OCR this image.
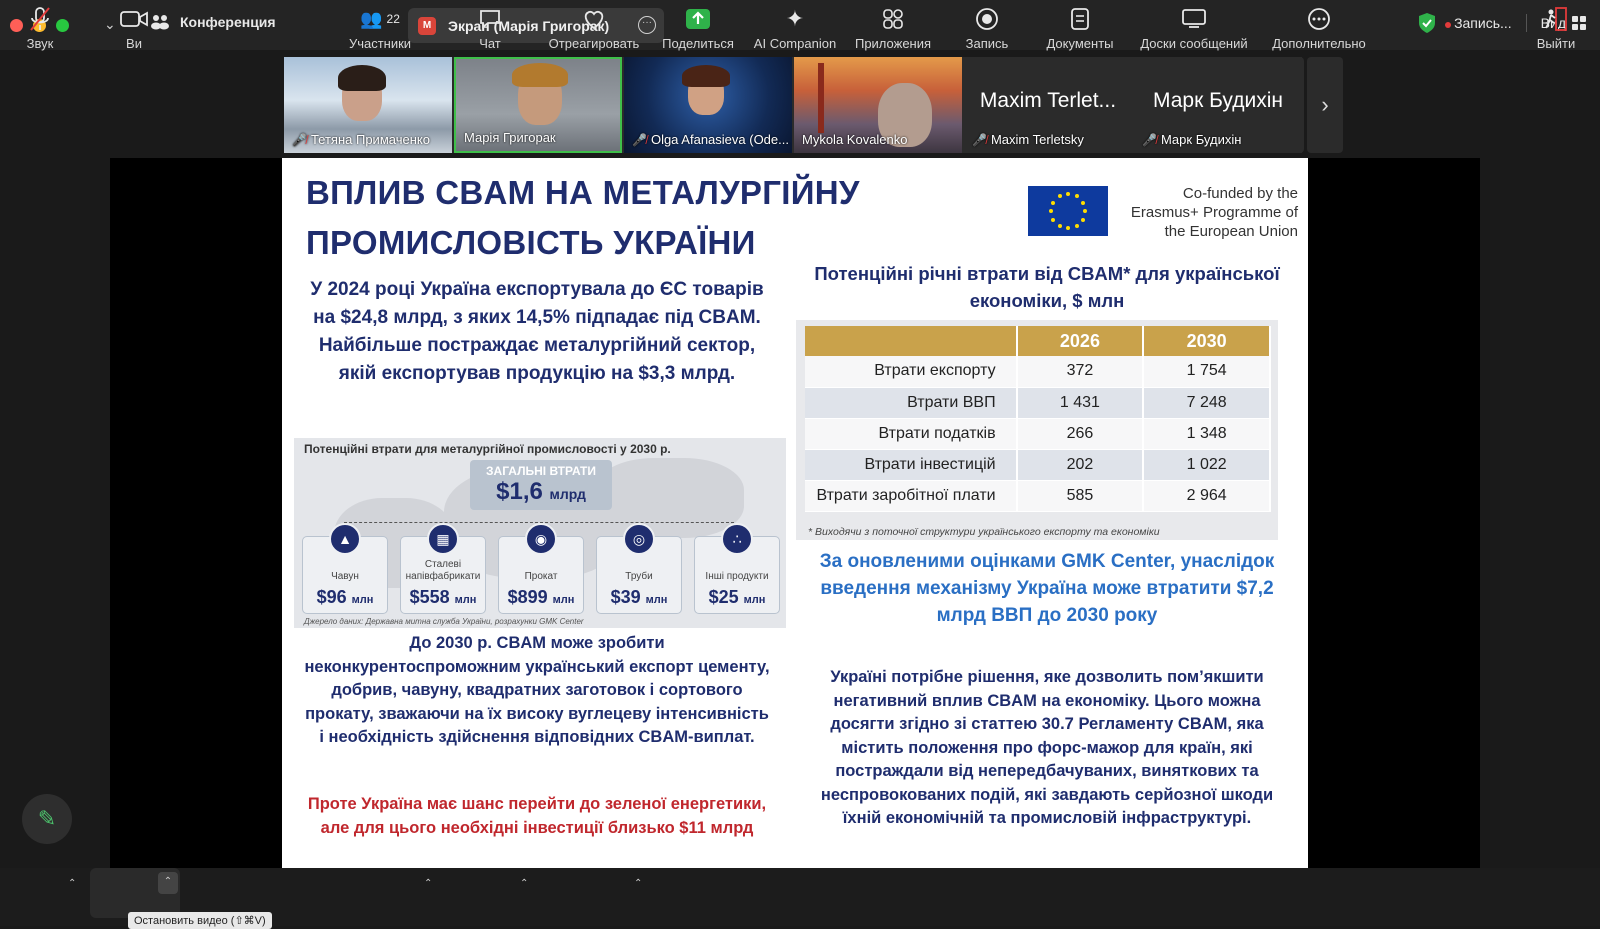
⌄	Конференция	M	Экран (Марія Григорак)	···	Запись... Вид
🎤̸ Тетяна Примаченко	Марія Григорак	🎤̸ Olga Afanasieva (Ode... Mykola Kovalenko
Maxim Terlet...
🎤̸ Maxim Terletsky
Марк Будихін
🎤̸ Марк Будихін
›
ВПЛИВ CBAM НА МЕТАЛУРГІЙНУ
ПРОМИСЛОВІСТЬ УКРАЇНИ
Co-funded by the Erasmus+ Programme of the European Union
У 2024 році Україна експортувала до ЄС товарів на $24,8 млрд, з яких 14,5% підпадає під CBAM. Найбільше постраждає металургійний сектор, якій експортував продукцію на $3,3 млрд.
Потенційні втрати для металургійної промисловості у 2030 р.
ЗАГАЛЬНІ ВТРАТИ
$1,6 млрд
▲
Чавун
$96 млн
▦
Сталеві напівфабрикати
$558 млн
◉
Прокат
$899 млн
◎
Труби
$39 млн
∴
Інші продукти
$25 млн
Джерело даних: Державна митна служба України, розрахунки GMK Center
До 2030 р. CBAM може зробити неконкурентоспроможним український експорт цементу, добрив, чавуну, квадратних заготовок і сортового прокату, зважаючи на їх високу вуглецеву інтенсивність і необхідність здійснення відповідних CBAM-виплат.
Проте Україна має шанс перейти до зеленої енергетики, але для цього необхідні інвестиції близько $11 млрд
Потенційні річні втрати від CBAM* для української економіки, $ млн
	2026	2030
Втрати експорту	372	1 754
Втрати ВВП	1 431	7 248
Втрати податків	266	1 348
Втрати інвестицій	202	1 022
Втрати заробітної плати	585	2 964
* Виходячи з поточної структури українського експорту та економіки
За оновленими оцінками GMK Center, унаслідок введення механізму Україна може втратити $7,2 млрд ВВП до 2030 року
Україні потрібне рішення, яке дозволить пом’якшити негативний вплив CBAM на економіку. Цього можна досягти згідно зі статтею 30.7 Регламенту CBAM, яка містить положення про форс-мажор для країн, які постраждали від непередбачуваних, виняткових та неспровокованих подій, які завдають серйозної шкоди їхній економічній та промисловій інфраструктурі.
✎
Звук
⌃
Ви
⌃
👥 22
Участники
⌃
Чат
⌃
Отреагировать
⌃
Поделиться
✦
AI Companion	Приложения	Запись	Документы	Доски сообщений	Дополнительно	Выйти
Остановить видео (⇧⌘V)
